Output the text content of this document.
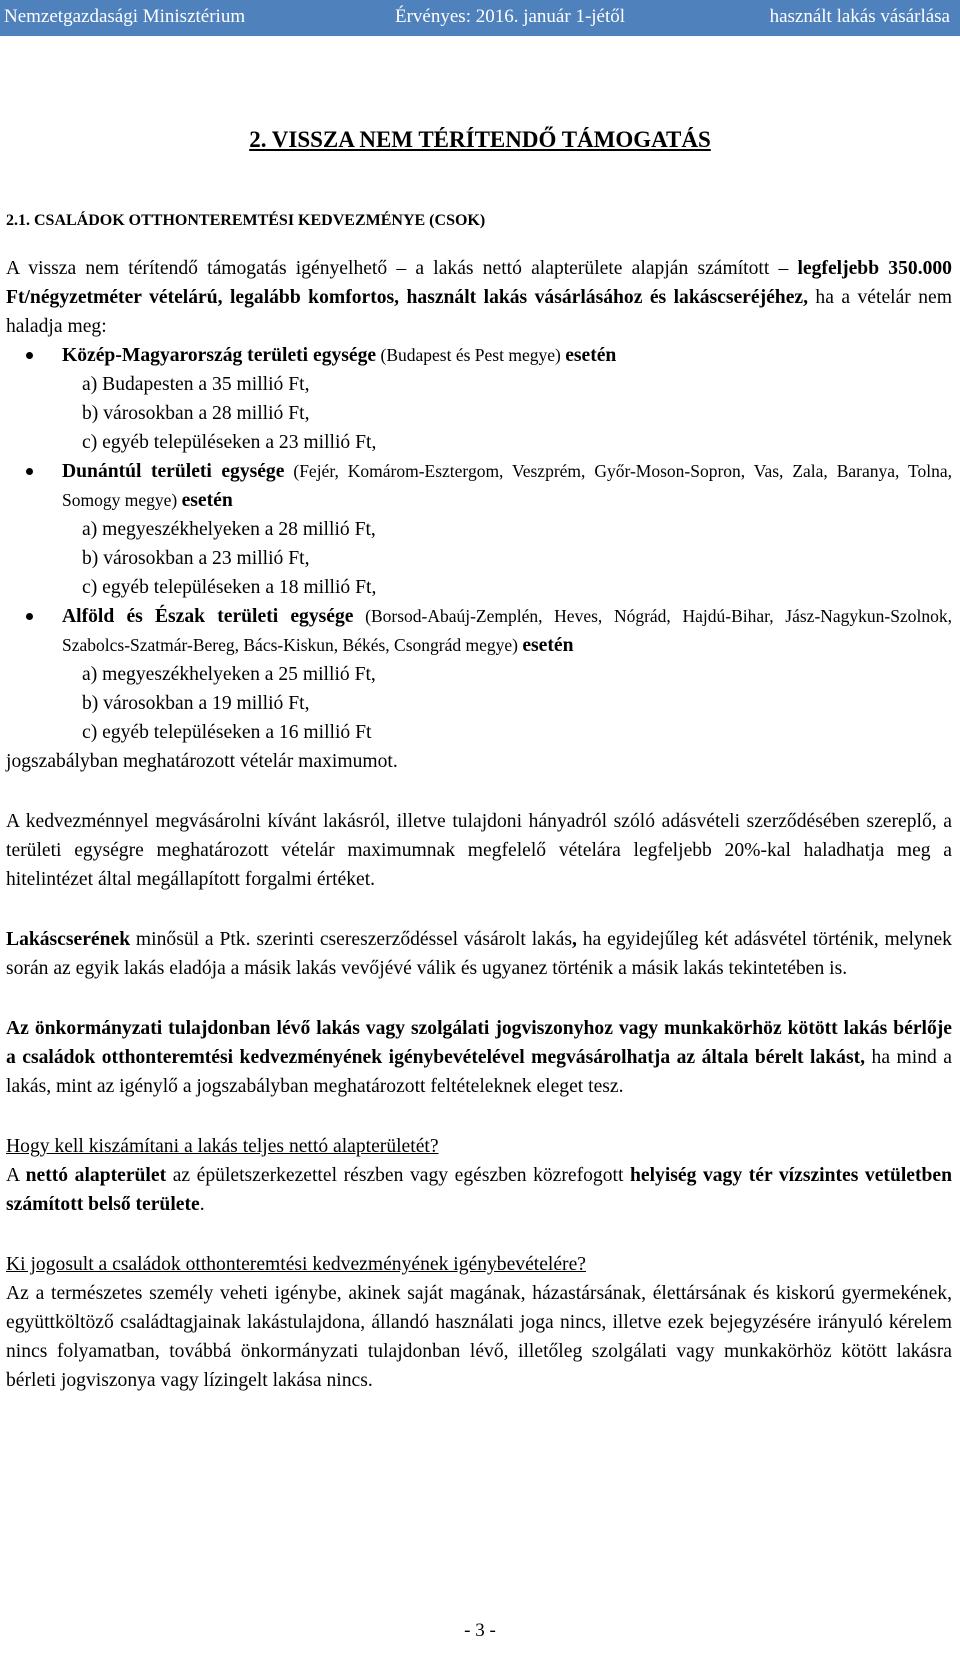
Nemzetgazdasági Minisztérium	Érvényes: 2016. január 1-jétől	használt lakás vásárlása
2. VISSZA NEM TÉRÍTENDŐ TÁMOGATÁS
2.1. CSALÁDOK OTTHONTEREMTÉSI KEDVEZMÉNYE (CSOK)

A vissza nem térítendő támogatás igényelhető – a lakás nettó alapterülete alapján számított – legfeljebb 350.000 Ft/négyzetméter vételárú, legalább komfortos, használt lakás vásárlásához és lakáscseréjéhez, ha a vételár nem haladja meg:

Közép-Magyarország területi egysége (Budapest és Pest megye) esetén
a) Budapesten a 35 millió Ft,
b) városokban a 28 millió Ft,
c) egyéb településeken a 23 millió Ft,
Dunántúl területi egysége (Fejér, Komárom-Esztergom, Veszprém, Győr-Moson-Sopron, Vas, Zala, Baranya, Tolna, Somogy megye) esetén
a) megyeszékhelyeken a 28 millió Ft,
b) városokban a 23 millió Ft,
c) egyéb településeken a 18 millió Ft,
Alföld és Észak területi egysége (Borsod-Abaúj-Zemplén, Heves, Nógrád, Hajdú-Bihar, Jász-Nagykun-Szolnok, Szabolcs-Szatmár-Bereg, Bács-Kiskun, Békés, Csongrád megye) esetén
a) megyeszékhelyeken a 25 millió Ft,
b) városokban a 19 millió Ft,
c) egyéb településeken a 16 millió Ft
jogszabályban meghatározott vételár maximumot.

A kedvezménnyel megvásárolni kívánt lakásról, illetve tulajdoni hányadról szóló adásvételi szerződésében szereplő, a területi egységre meghatározott vételár maximumnak megfelelő vételára legfeljebb 20%-kal haladhatja meg a hitelintézet által megállapított forgalmi értéket.

Lakáscserének minősül a Ptk. szerinti csereszerződéssel vásárolt lakás, ha egyidejűleg két adásvétel történik, melynek során az egyik lakás eladója a másik lakás vevőjévé válik és ugyanez történik a másik lakás tekintetében is.

Az önkormányzati tulajdonban lévő lakás vagy szolgálati jogviszonyhoz vagy munkakörhöz kötött lakás bérlője a családok otthonteremtési kedvezményének igénybevételével megvásárolhatja az általa bérelt lakást, ha mind a lakás, mint az igénylő a jogszabályban meghatározott feltételeknek eleget tesz.

Hogy kell kiszámítani a lakás teljes nettó alapterületét?

A nettó alapterület az épületszerkezettel részben vagy egészben közrefogott helyiség vagy tér vízszintes vetületben számított belső területe.

Ki jogosult a családok otthonteremtési kedvezményének igénybevételére?

Az a természetes személy veheti igénybe, akinek saját magának, házastársának, élettársának és kiskorú gyermekének, együttköltöző családtagjainak lakástulajdona, állandó használati joga nincs, illetve ezek bejegyzésére irányuló kérelem nincs folyamatban, továbbá önkormányzati tulajdonban lévő, illetőleg szolgálati vagy munkakörhöz kötött lakásra bérleti jogviszonya vagy lízingelt lakása nincs.

- 3 -
